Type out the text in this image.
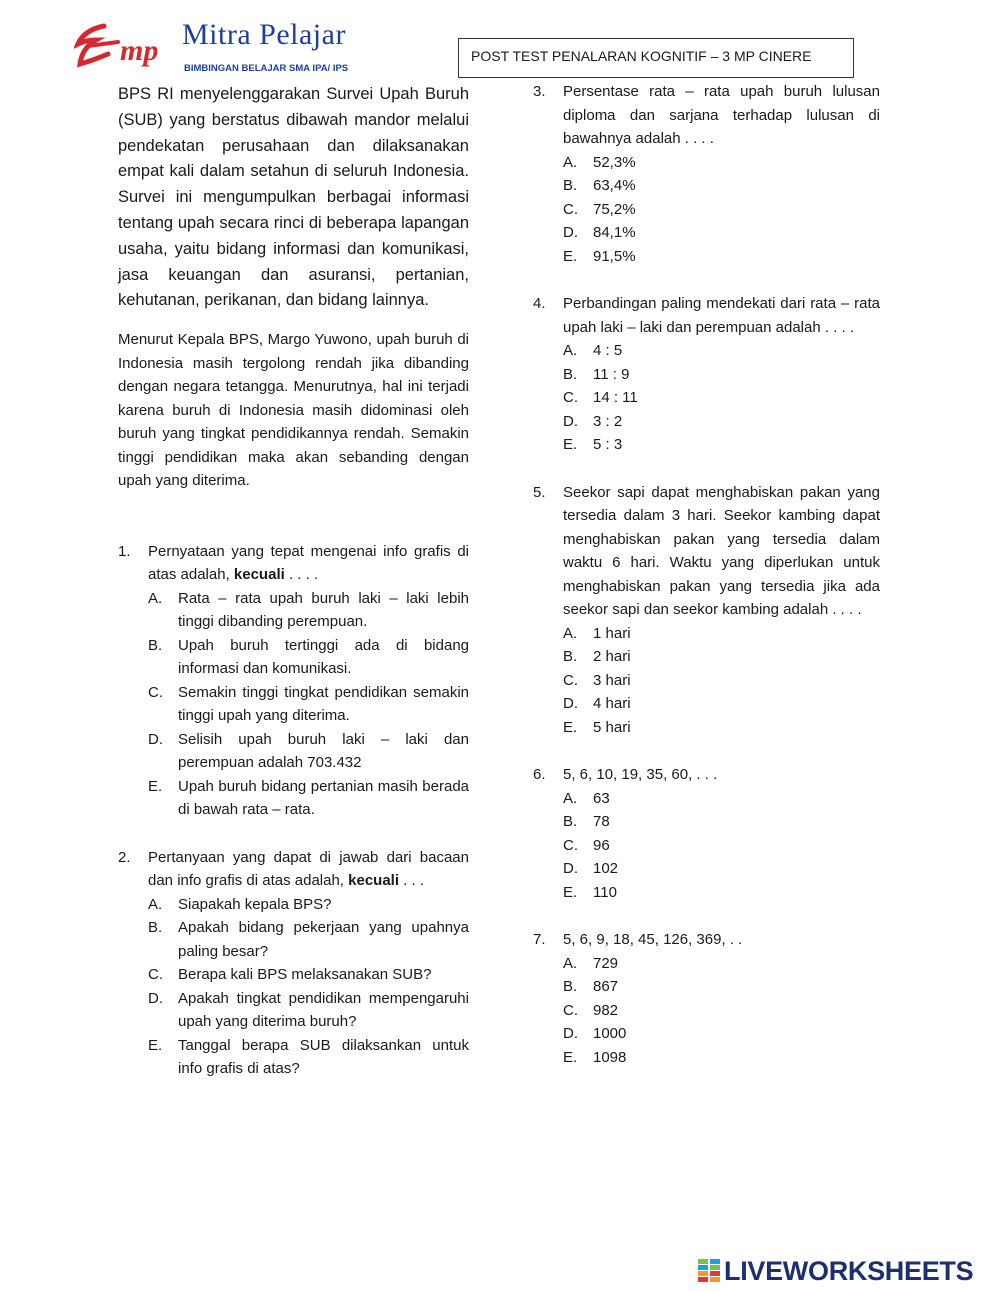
mp Mitra Pelajar
BIMBINGAN BELAJAR SMA IPA/ IPS
POST TEST PENALARAN KOGNITIF – 3 MP CINERE

BPS RI menyelenggarakan Survei Upah Buruh (SUB) yang berstatus dibawah mandor melalui pendekatan perusahaan dan dilaksanakan empat kali dalam setahun di seluruh Indonesia. Survei ini mengumpulkan berbagai informasi tentang upah secara rinci di beberapa lapangan usaha, yaitu bidang informasi dan komunikasi, jasa keuangan dan asuransi, pertanian, kehutanan, perikanan, dan bidang lainnya.

Menurut Kepala BPS, Margo Yuwono, upah buruh di Indonesia masih tergolong rendah jika dibanding dengan negara tetangga. Menurutnya, hal ini terjadi karena buruh di Indonesia masih didominasi oleh buruh yang tingkat pendidikannya rendah. Semakin tinggi pendidikan maka akan sebanding dengan upah yang diterima.

1. Pernyataan yang tepat mengenai info grafis di atas adalah, kecuali . . . .
A. Rata – rata upah buruh laki – laki lebih tinggi dibanding perempuan.
B. Upah buruh tertinggi ada di bidang informasi dan komunikasi.
C. Semakin tinggi tingkat pendidikan semakin tinggi upah yang diterima.
D. Selisih upah buruh laki – laki dan perempuan adalah 703.432
E. Upah buruh bidang pertanian masih berada di bawah rata – rata.
2. Pertanyaan yang dapat di jawab dari bacaan dan info grafis di atas adalah, kecuali . . .
A. Siapakah kepala BPS?
B. Apakah bidang pekerjaan yang upahnya paling besar?
C. Berapa kali BPS melaksanakan SUB?
D. Apakah tingkat pendidikan mempengaruhi upah yang diterima buruh?
E. Tanggal berapa SUB dilaksankan untuk info grafis di atas?
3. Persentase rata – rata upah buruh lulusan diploma dan sarjana terhadap lulusan di bawahnya adalah . . . .
A. 52,3%
B. 63,4%
C. 75,2%
D. 84,1%
E. 91,5%
4. Perbandingan paling mendekati dari rata – rata upah laki – laki dan perempuan adalah . . . .
A. 4 : 5
B. 11 : 9
C. 14 : 11
D. 3 : 2
E. 5 : 3
5. Seekor sapi dapat menghabiskan pakan yang tersedia dalam 3 hari. Seekor kambing dapat menghabiskan pakan yang tersedia dalam waktu 6 hari. Waktu yang diperlukan untuk menghabiskan pakan yang tersedia jika ada seekor sapi dan seekor kambing adalah . . . .
A. 1 hari
B. 2 hari
C. 3 hari
D. 4 hari
E. 5 hari
6. 5, 6, 10, 19, 35, 60, . . .
A. 63
B. 78
C. 96
D. 102
E. 110
7. 5, 6, 9, 18, 45, 126, 369, . .
A. 729
B. 867
C. 982
D. 1000
E. 1098
LIVEWORKSHEETS
